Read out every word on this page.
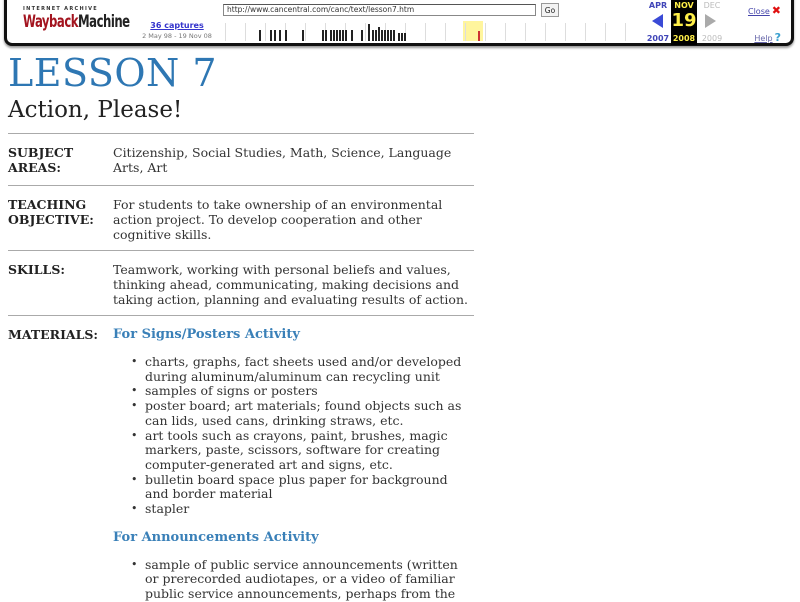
INTERNET ARCHIVE
WaybackMachine	36 captures
2 May 98 - 19 Nov 08
http://www.cancentral.com/canc/text/lesson7.htm	Go
APR
2007
NOV
19
2008
DEC
2009
Close ✖
Help ?
LESSON 7
Action, Please!
SUBJECT AREAS:
Citizenship, Social Studies, Math, Science, Language Arts, Art
TEACHING OBJECTIVE:
For students to take ownership of an environmental action project. To develop cooperation and other cognitive skills.
SKILLS:	Teamwork, working with personal beliefs and values, thinking ahead, communicating, making decisions and taking action, planning and evaluating results of action.
MATERIALS:	For Signs/Posters Activity
• charts, graphs, fact sheets used and/or developed during aluminum/aluminum can recycling unit
• samples of signs or posters
• poster board; art materials; found objects such as can lids, used cans, drinking straws, etc.
• art tools such as crayons, paint, brushes, magic markers, paste, scissors, software for creating computer-generated art and signs, etc.
• bulletin board space plus paper for background and border material
• stapler
For Announcements Activity
• sample of public service announcements (written or prerecorded audiotapes, or a video of familiar public service announcements, perhaps from the
